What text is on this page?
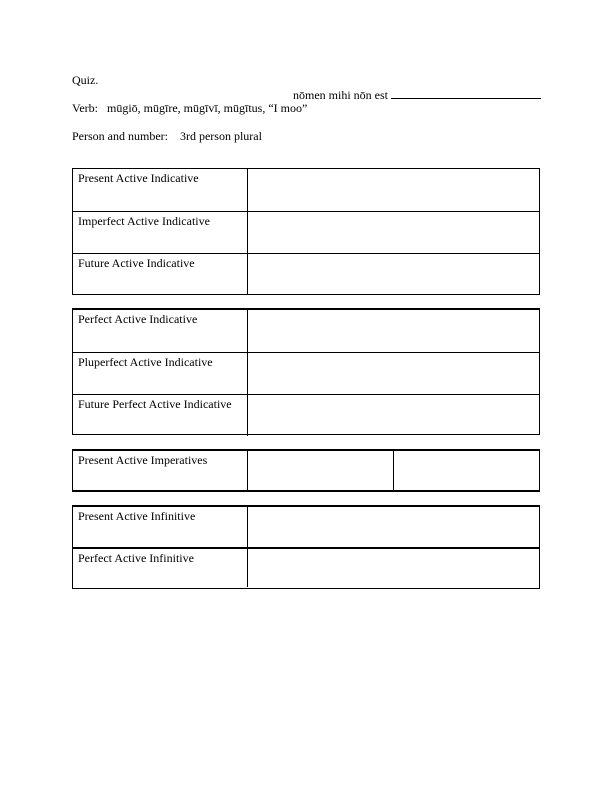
Quiz.

nōmen mihi nōn est

Verb:   mūgiō, mūgīre, mūgīvī, mūgītus, “I moo”
Person and number:    3rd person plural
Present Active Indicative
Imperfect Active Indicative
Future Active Indicative
Perfect Active Indicative
Pluperfect Active Indicative
Future Perfect Active Indicative
Present Active Imperatives
Present Active Infinitive
Perfect Active Infinitive
